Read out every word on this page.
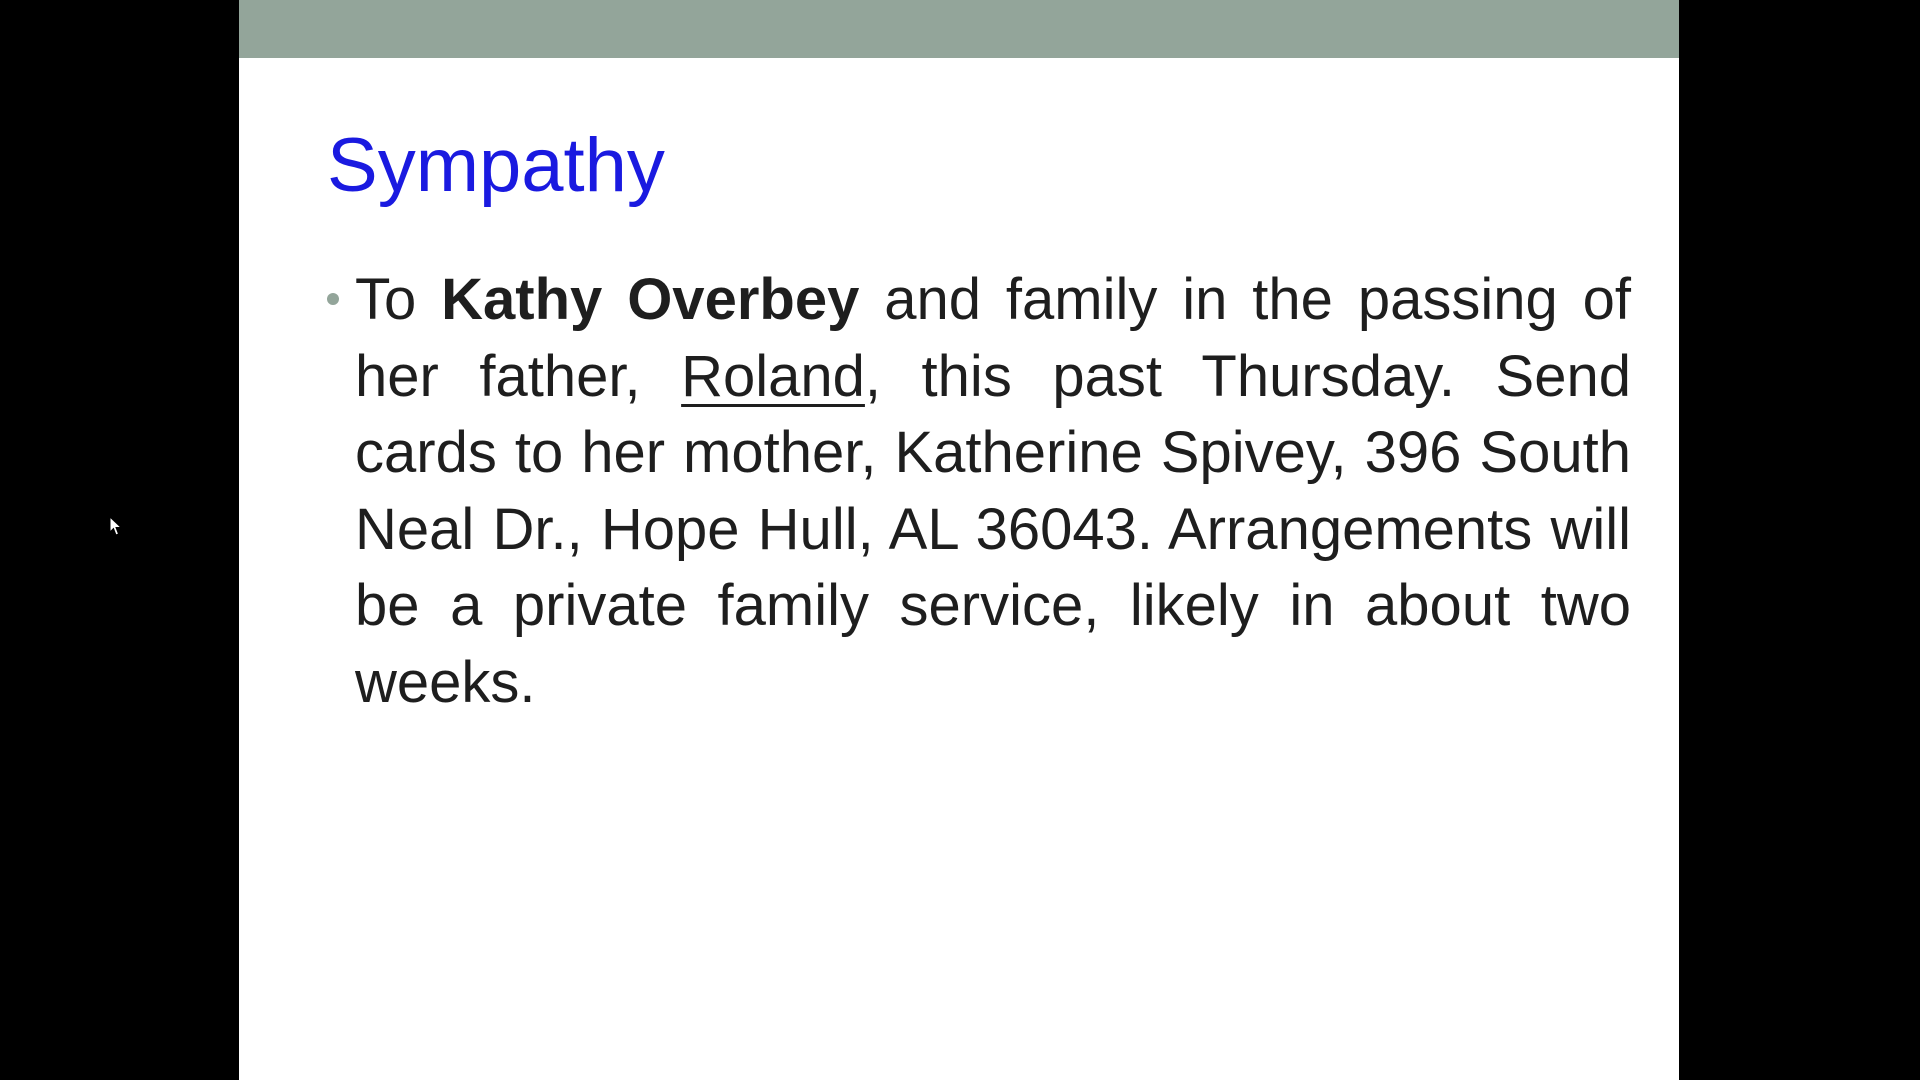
Sympathy
To Kathy Overbey and family in the passing of her father, Roland, this past Thursday. Send cards to her mother, Katherine Spivey, 396 South Neal Dr., Hope Hull, AL 36043. Arrangements will be a private family service, likely in about two weeks.
